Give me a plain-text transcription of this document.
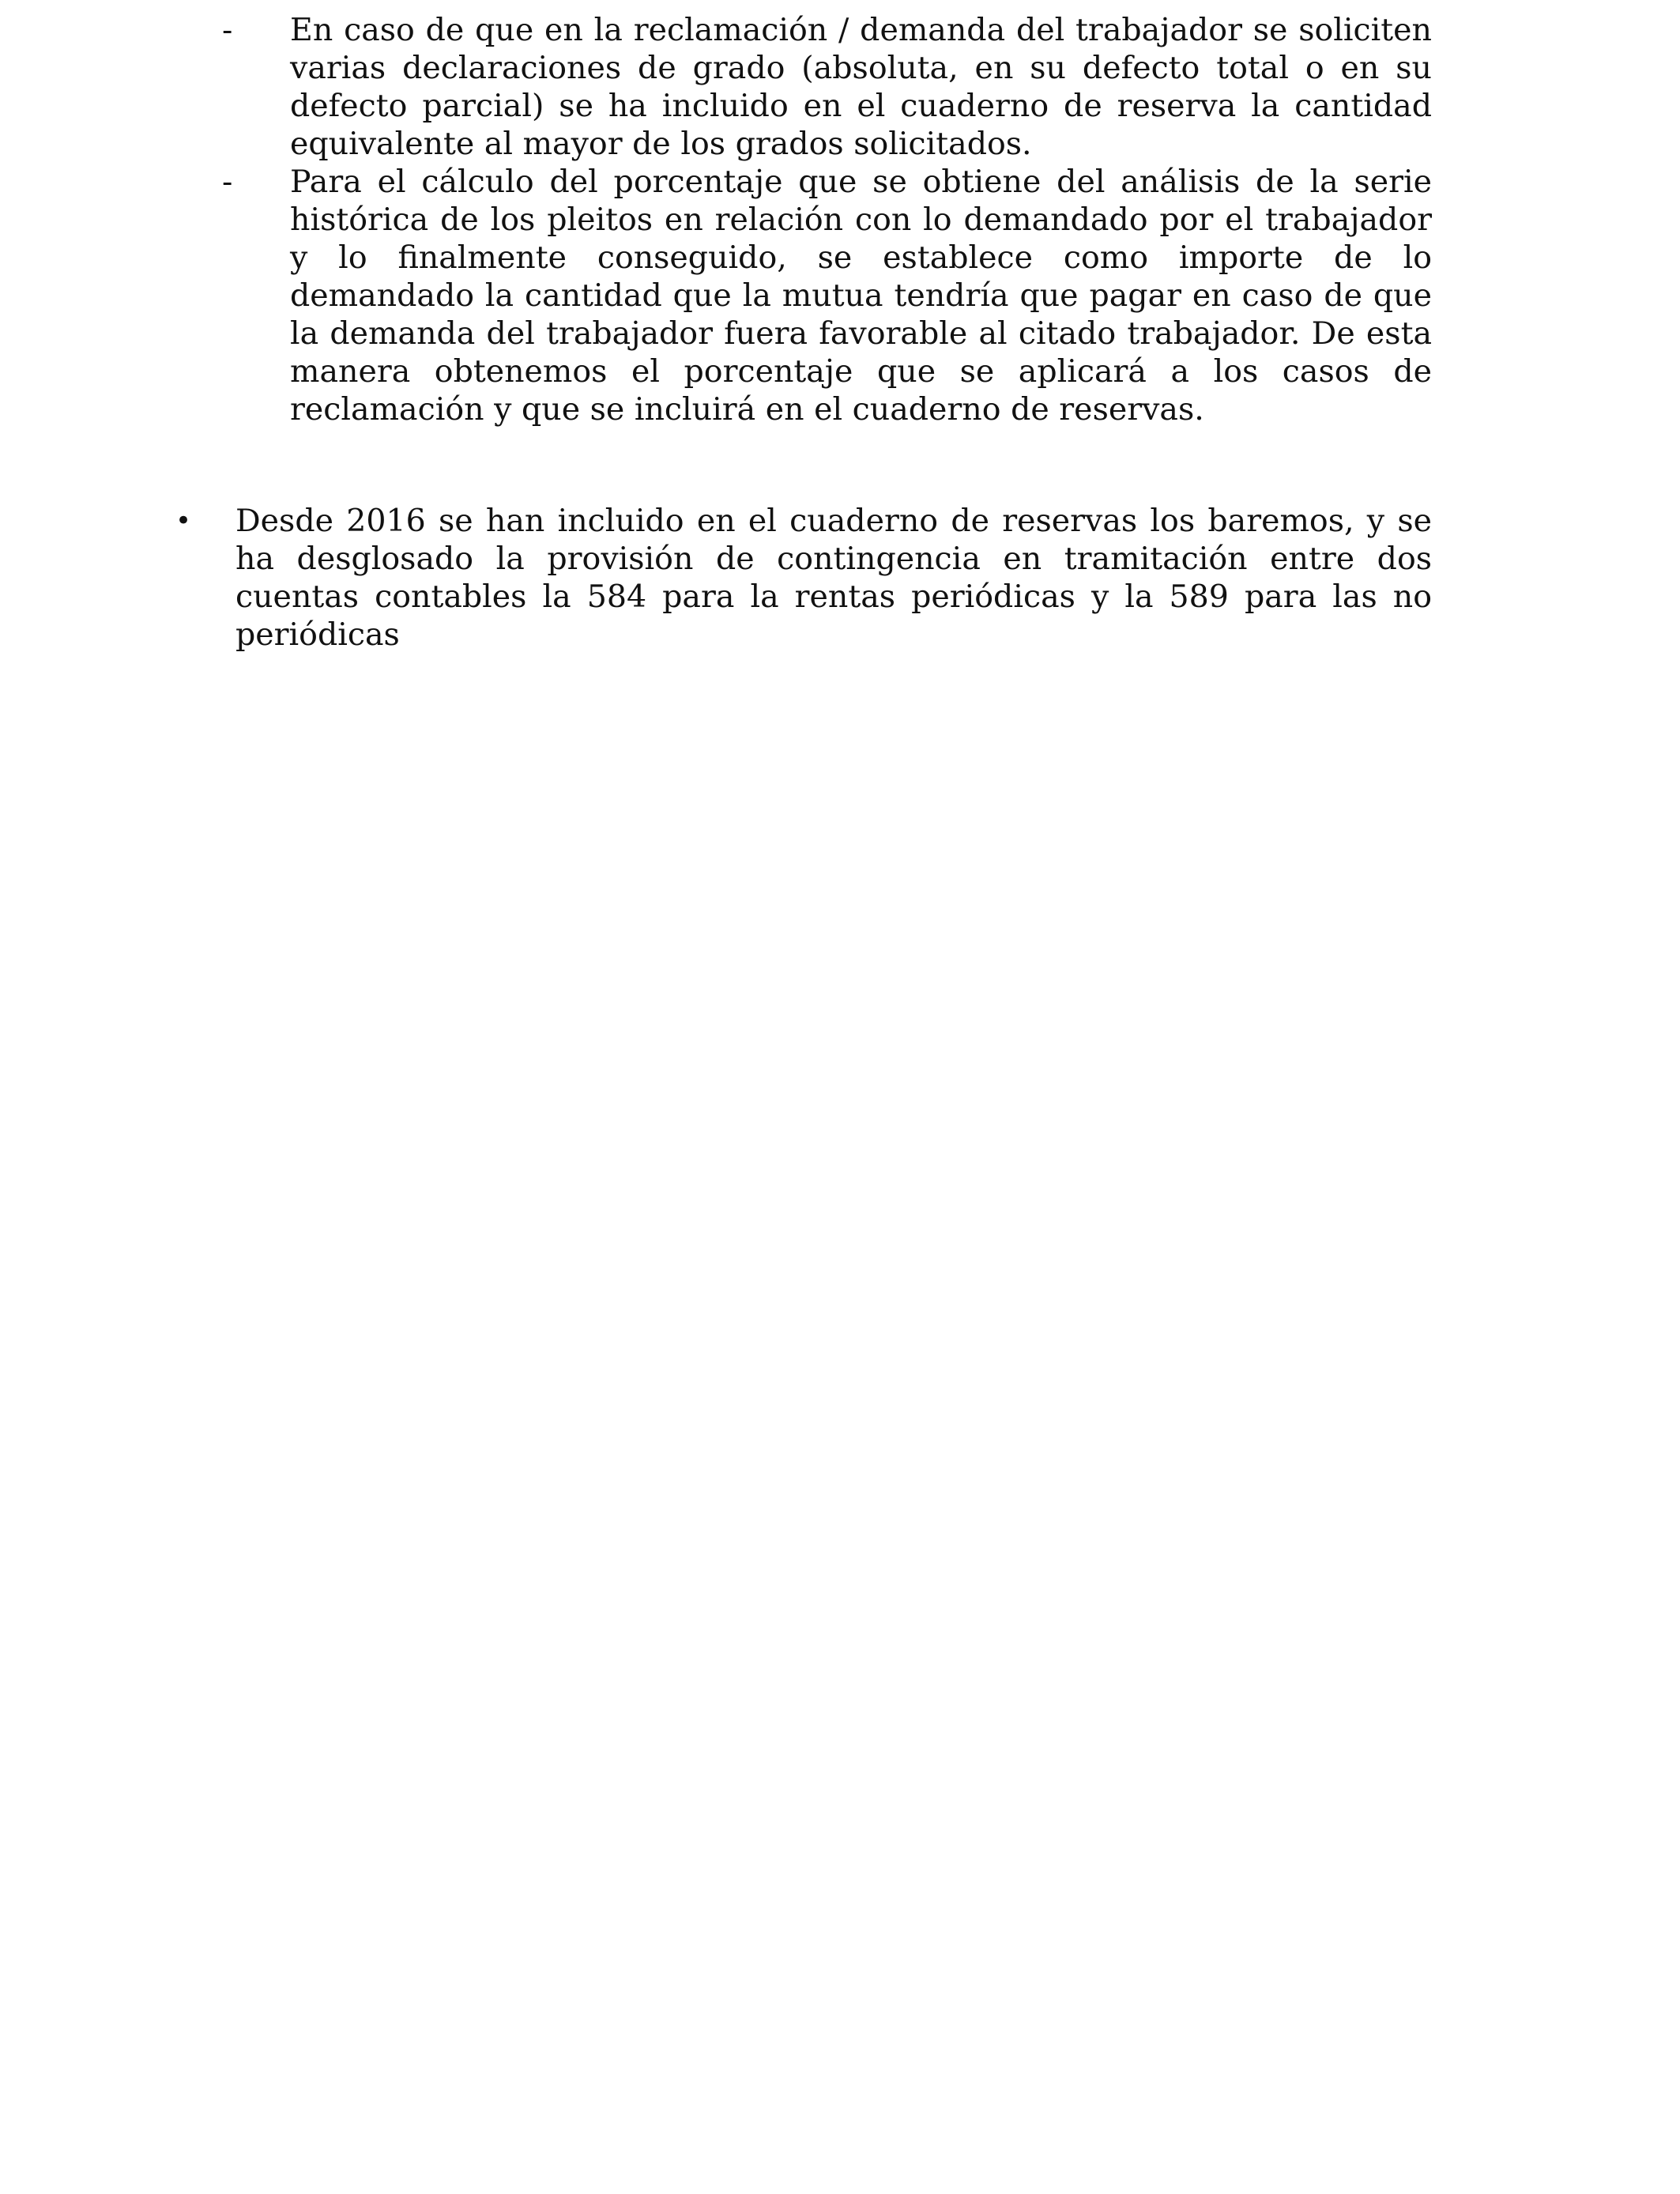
-	En caso de que en la reclamación / demanda del trabajador se soliciten varias declaraciones de grado (absoluta, en su defecto total o en su defecto parcial) se ha incluido en el cuaderno de reserva la cantidad equivalente al mayor de los grados solicitados.
-	Para el cálculo del porcentaje que se obtiene del análisis de la serie histórica de los pleitos en relación con lo demandado por el trabajador y lo finalmente conseguido, se establece como importe de lo demandado la cantidad que la mutua tendría que pagar en caso de que la demanda del trabajador fuera favorable al citado trabajador. De esta manera obtenemos el porcentaje que se aplicará a los casos de reclamación y que se incluirá en el cuaderno de reservas.
• Desde 2016 se han incluido en el cuaderno de reservas los baremos, y se ha desglosado la provisión de contingencia en tramitación entre dos cuentas contables la 584 para la rentas periódicas y la 589 para las no periódicas
